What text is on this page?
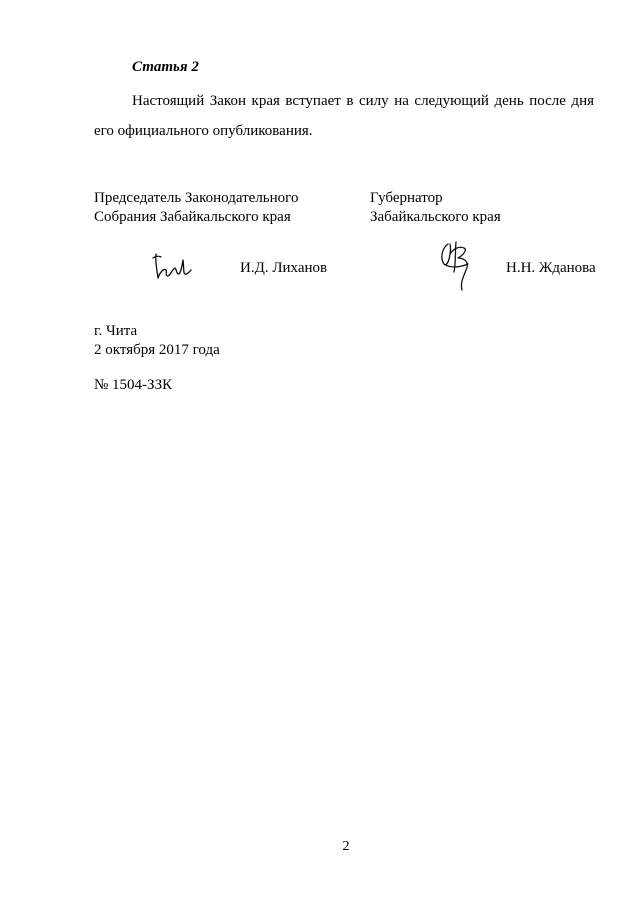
Статья 2
Настоящий Закон края вступает в силу на следующий день после дня его официального опубликования.
Председатель Законодательного
Собрания Забайкальского края
Губернатор
Забайкальского края
И.Д. Лиханов	Н.Н. Жданова
г. Чита
2 октября 2017 года
№ 1504-ЗЗК
2
